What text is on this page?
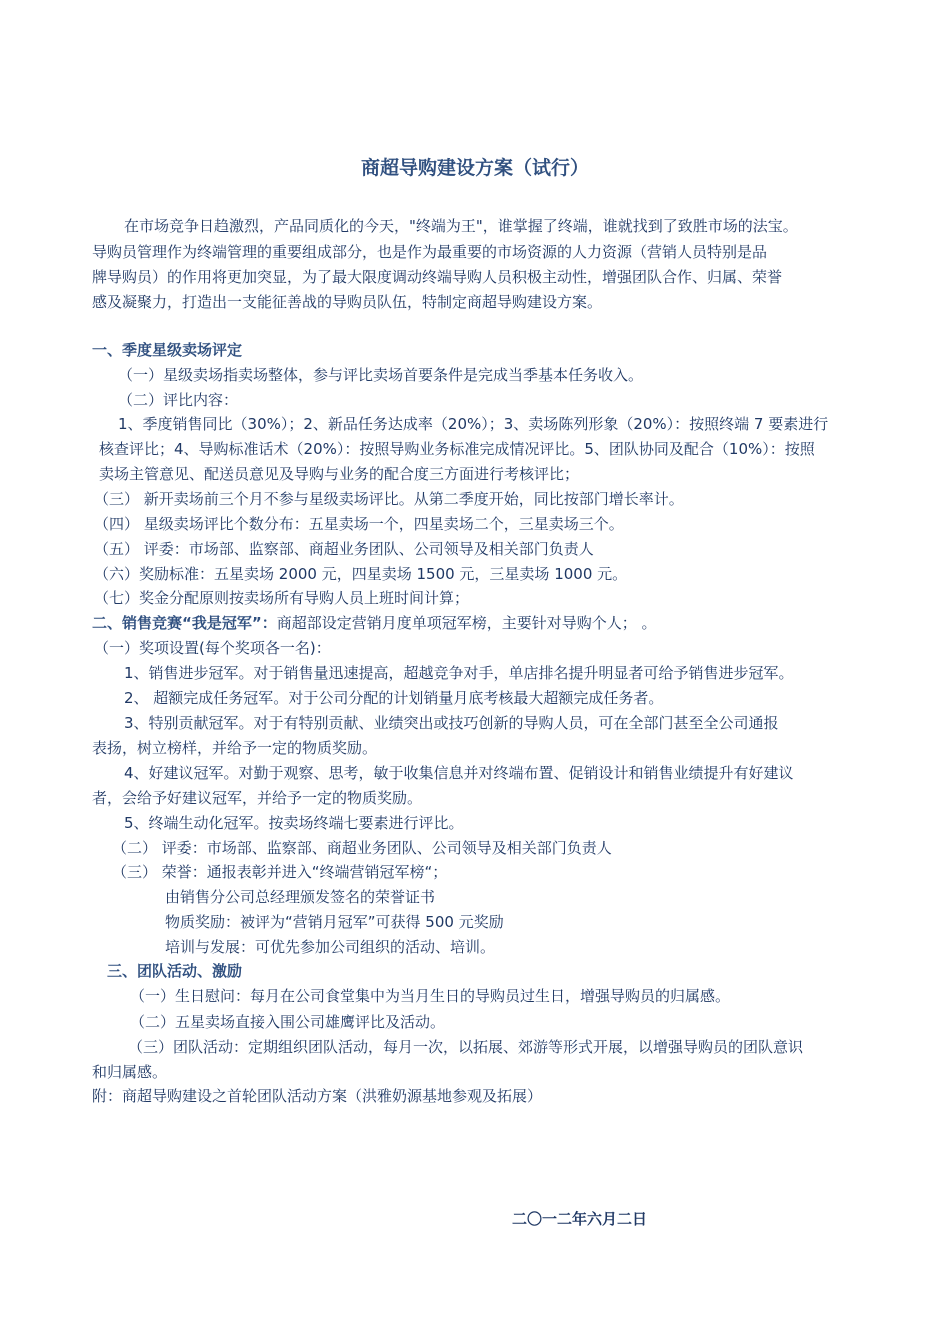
商超导购建设方案（试行）

在市场竞争日趋激烈，产品同质化的今天，"终端为王"，谁掌握了终端，谁就找到了致胜市场的法宝。

导购员管理作为终端管理的重要组成部分，也是作为最重要的市场资源的人力资源（营销人员特别是品

牌导购员）的作用将更加突显，为了最大限度调动终端导购人员积极主动性，增强团队合作、归属、荣誉

感及凝聚力，打造出一支能征善战的导购员队伍，特制定商超导购建设方案。

一、季度星级卖场评定

（一）星级卖场指卖场整体，参与评比卖场首要条件是完成当季基本任务收入。

（二）评比内容：

1、季度销售同比（30%）；2、新品任务达成率（20%）；3、卖场陈列形象（20%）：按照终端 7 要素进行

核查评比；4、导购标准话术（20%）：按照导购业务标准完成情况评比。5、团队协同及配合（10%）：按照

卖场主管意见、配送员意见及导购与业务的配合度三方面进行考核评比；

（三） 新开卖场前三个月不参与星级卖场评比。从第二季度开始，同比按部门增长率计。

（四） 星级卖场评比个数分布：五星卖场一个，四星卖场二个，三星卖场三个。

（五） 评委：市场部、监察部、商超业务团队、公司领导及相关部门负责人

（六）奖励标准：五星卖场 2000 元，四星卖场 1500 元，三星卖场 1000 元。

（七）奖金分配原则按卖场所有导购人员上班时间计算；

二、销售竞赛“我是冠军”：商超部设定营销月度单项冠军榜，主要针对导购个人； 。

（一）奖项设置(每个奖项各一名)：

1、销售进步冠军。对于销售量迅速提高，超越竞争对手，单店排名提升明显者可给予销售进步冠军。

2、 超额完成任务冠军。对于公司分配的计划销量月底考核最大超额完成任务者。

3、特别贡献冠军。对于有特别贡献、业绩突出或技巧创新的导购人员，可在全部门甚至全公司通报

表扬，树立榜样，并给予一定的物质奖励。

4、好建议冠军。对勤于观察、思考，敏于收集信息并对终端布置、促销设计和销售业绩提升有好建议

者，会给予好建议冠军，并给予一定的物质奖励。

5、终端生动化冠军。按卖场终端七要素进行评比。

（二） 评委：市场部、监察部、商超业务团队、公司领导及相关部门负责人

（三） 荣誉：通报表彰并进入“终端营销冠军榜“；

由销售分公司总经理颁发签名的荣誉证书

物质奖励：被评为“营销月冠军”可获得 500 元奖励

培训与发展：可优先参加公司组织的活动、培训。

三、团队活动、激励

（一）生日慰问：每月在公司食堂集中为当月生日的导购员过生日，增强导购员的归属感。

（二）五星卖场直接入围公司雄鹰评比及活动。

（三）团队活动：定期组织团队活动，每月一次，以拓展、郊游等形式开展，以增强导购员的团队意识

和归属感。

附：商超导购建设之首轮团队活动方案（洪雅奶源基地参观及拓展）

二〇一二年六月二日
